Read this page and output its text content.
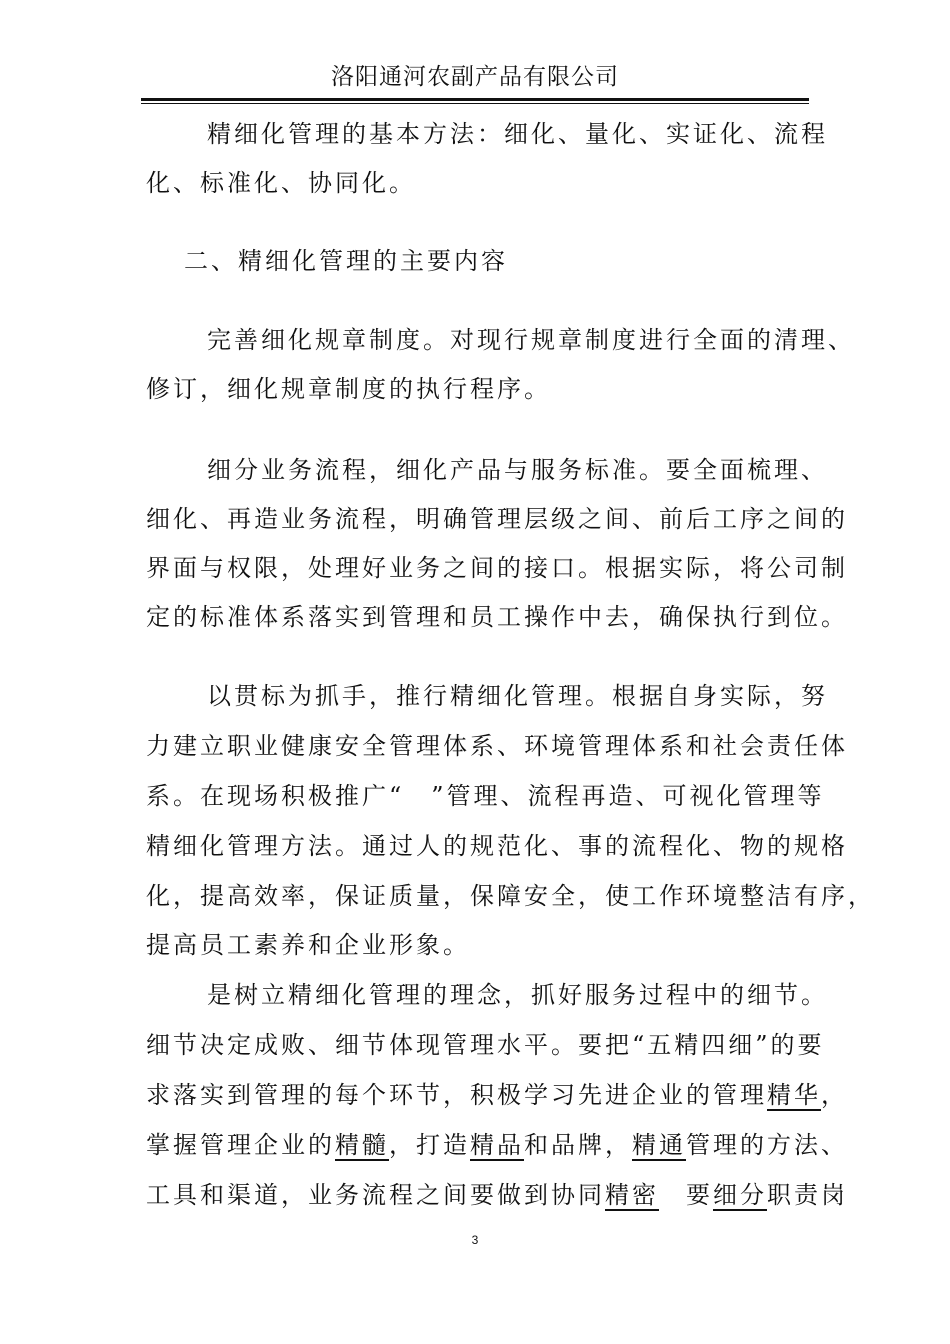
洛阳通河农副产品有限公司
精细化管理的基本方法：细化、量化、实证化、流程
化、标准化、协同化。
二、精细化管理的主要内容
完善细化规章制度。对现行规章制度进行全面的清理、
修订，细化规章制度的执行程序。
细分业务流程，细化产品与服务标准。要全面梳理、
细化、再造业务流程，明确管理层级之间、前后工序之间的
界面与权限，处理好业务之间的接口。根据实际，将公司制
定的标准体系落实到管理和员工操作中去，确保执行到位。
以贯标为抓手，推行精细化管理。根据自身实际，努
力建立职业健康安全管理体系、环境管理体系和社会责任体
系。在现场积极推广“　”管理、流程再造、可视化管理等
精细化管理方法。通过人的规范化、事的流程化、物的规格
化，提高效率，保证质量，保障安全，使工作环境整洁有序，
提高员工素养和企业形象。
是树立精细化管理的理念，抓好服务过程中的细节。
细节决定成败、细节体现管理水平。要把“五精四细”的要
求落实到管理的每个环节，积极学习先进企业的管理精华，
掌握管理企业的精髓，打造精品和品牌，精通管理的方法、
工具和渠道，业务流程之间要做到协同精密　要细分职责岗
3
